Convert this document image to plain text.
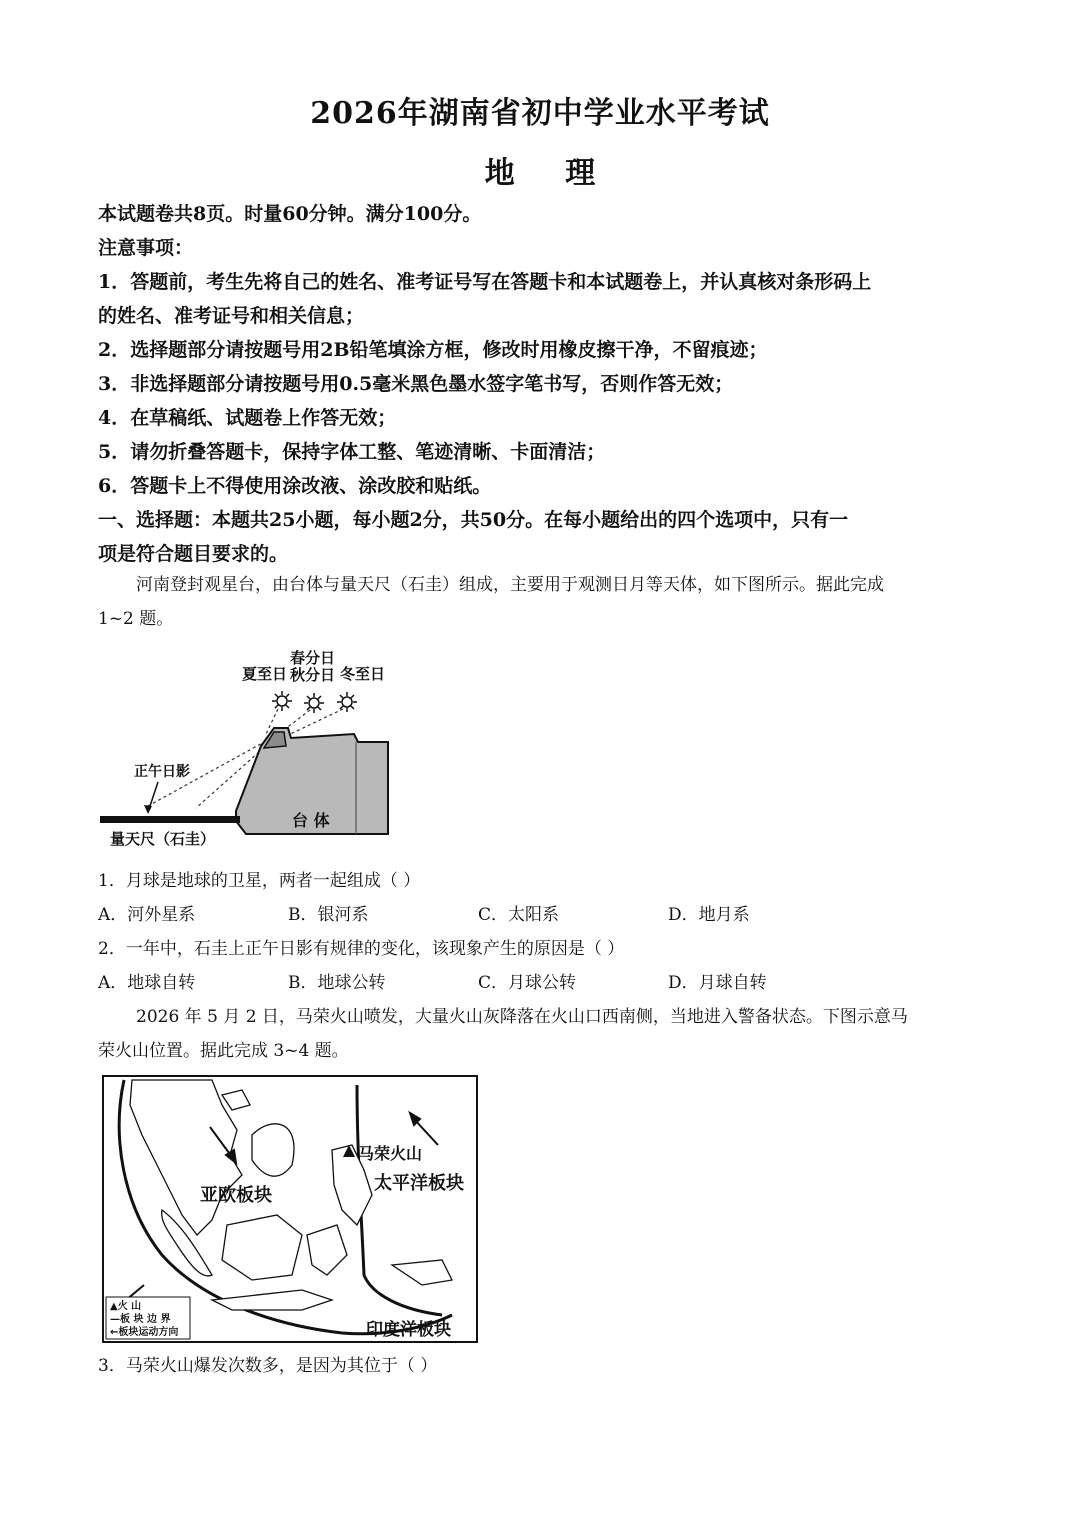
2026年湖南省初中学业水平考试
地 理
本试题卷共8页。时量60分钟。满分100分。
注意事项：
1．答题前，考生先将自己的姓名、准考证号写在答题卡和本试题卷上，并认真核对条形码上
的姓名、准考证号和相关信息；
2．选择题部分请按题号用2B铅笔填涂方框，修改时用橡皮擦干净，不留痕迹；
3．非选择题部分请按题号用0.5毫米黑色墨水签字笔书写，否则作答无效；
4．在草稿纸、试题卷上作答无效；
5．请勿折叠答题卡，保持字体工整、笔迹清晰、卡面清洁；
6．答题卡上不得使用涂改液、涂改胶和贴纸。
一、选择题：本题共25小题，每小题2分，共50分。在每小题给出的四个选项中，只有一
项是符合题目要求的。
河南登封观星台，由台体与量天尺（石圭）组成，主要用于观测日月等天体，如下图所示。据此完成
1~2 题。
夏至日
春分日
秋分日 冬至日
台 体
正午日影
量天尺（石圭）
1．月球是地球的卫星，两者一起组成（ ）
A．河外星系	B．银河系	C．太阳系	D．地月系
2．一年中，石圭上正午日影有规律的变化，该现象产生的原因是（ ）
A．地球自转	B．地球公转	C．月球公转	D．月球自转
2026 年 5 月 2 日，马荣火山喷发，大量火山灰降落在火山口西南侧，当地进入警备状态。下图示意马
荣火山位置。据此完成 3~4 题。
马荣火山
亚欧板块
太平洋板块
印度洋板块
▲火 山
—板 块 边 界
←板块运动方向
3．马荣火山爆发次数多，是因为其位于（ ）
